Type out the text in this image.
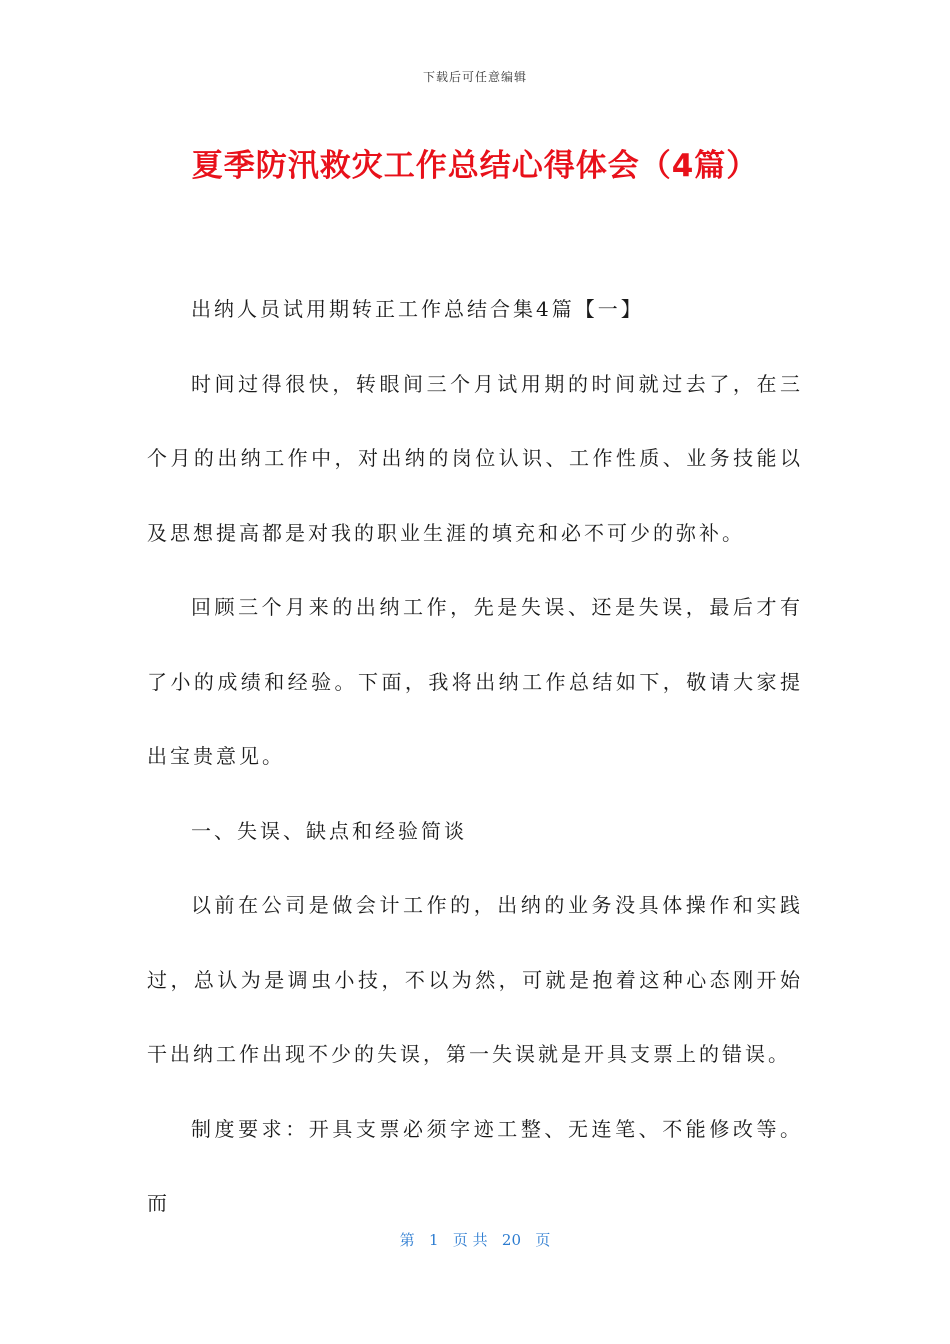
下载后可任意编辑
夏季防汛救灾工作总结心得体会（4篇）

出纳人员试用期转正工作总结合集4篇【一】

时间过得很快，转眼间三个月试用期的时间就过去了，在三个月的出纳工作中，对出纳的岗位认识、工作性质、业务技能以及思想提高都是对我的职业生涯的填充和必不可少的弥补。

回顾三个月来的出纳工作，先是失误、还是失误，最后才有了小的成绩和经验。下面，我将出纳工作总结如下，敬请大家提出宝贵意见。

一、失误、缺点和经验简谈

以前在公司是做会计工作的，出纳的业务没具体操作和实践过，总认为是调虫小技，不以为然，可就是抱着这种心态刚开始干出纳工作出现不少的失误，第一失误就是开具支票上的错误。

制度要求：开具支票必须字迹工整、无连笔、不能修改等。而

第 1 页 共 20 页
